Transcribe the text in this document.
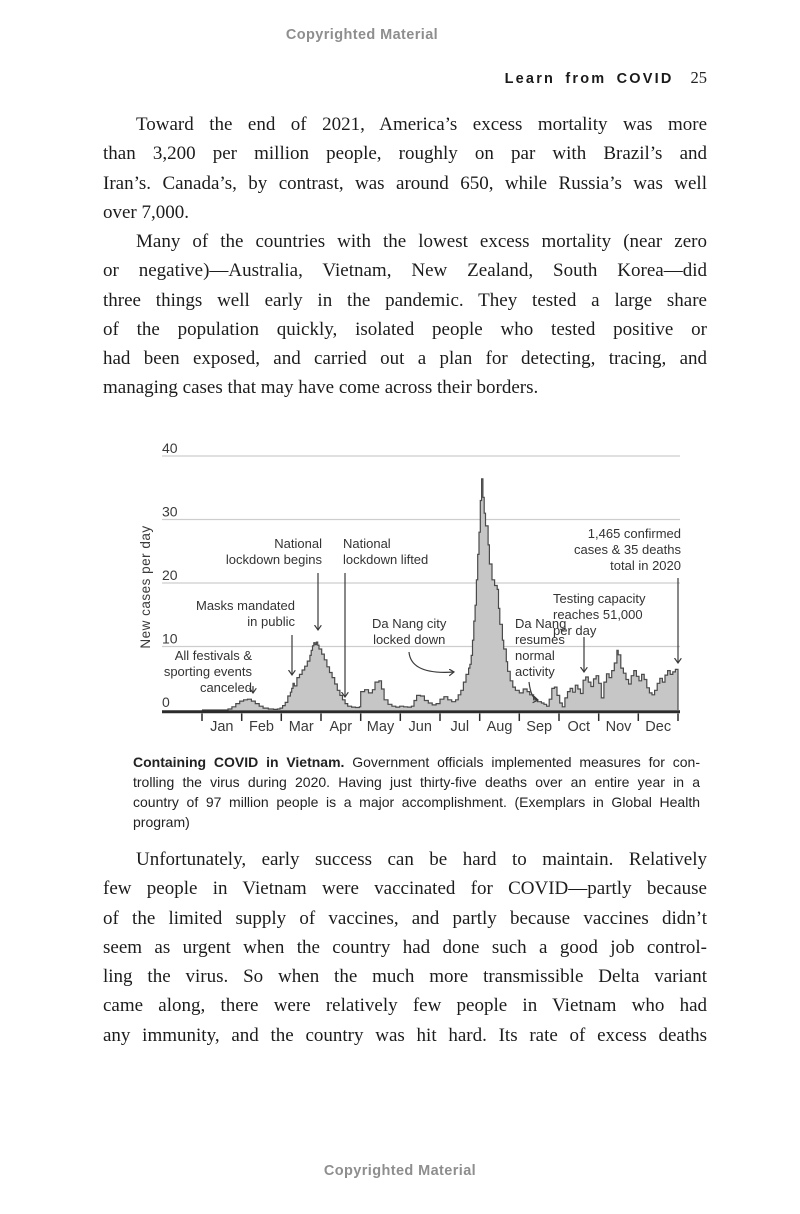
Copyrighted Material
Learn from COVID 25
Toward the end of 2021, America’s excess mortality was more
than 3,200 per million people, roughly on par with Brazil’s and
Iran’s. Canada’s, by contrast, was around 650, while Russia’s was well
over 7,000.
Many of the countries with the lowest excess mortality (near zero
or negative)—Australia, Vietnam, New Zealand, South Korea—did
three things well early in the pandemic. They tested a large share
of the population quickly, isolated people who tested positive or
had been exposed, and carried out a plan for detecting, tracing, and
managing cases that may have come across their borders.
0
10
20
30
40
Jan Feb Mar Apr May Jun Jul Aug Sep Oct Nov Dec
New cases per day
All festivals &
sporting events
canceled
Masks mandated
in public
National
lockdown begins
National
lockdown lifted
Da Nang city
locked down
Da Nang
resumes
normal
activity
Testing capacity
reaches 51,000
per day
1,465 confirmed
cases & 35 deaths
total in 2020
Containing COVID in Vietnam. Government officials implemented measures for con-
trolling the virus during 2020. Having just thirty-five deaths over an entire year in a
country of 97 million people is a major accomplishment. (Exemplars in Global Health
program)
Unfortunately, early success can be hard to maintain. Relatively
few people in Vietnam were vaccinated for COVID—partly because
of the limited supply of vaccines, and partly because vaccines didn’t
seem as urgent when the country had done such a good job control-
ling the virus. So when the much more transmissible Delta variant
came along, there were relatively few people in Vietnam who had
any immunity, and the country was hit hard. Its rate of excess deaths
Copyrighted Material
